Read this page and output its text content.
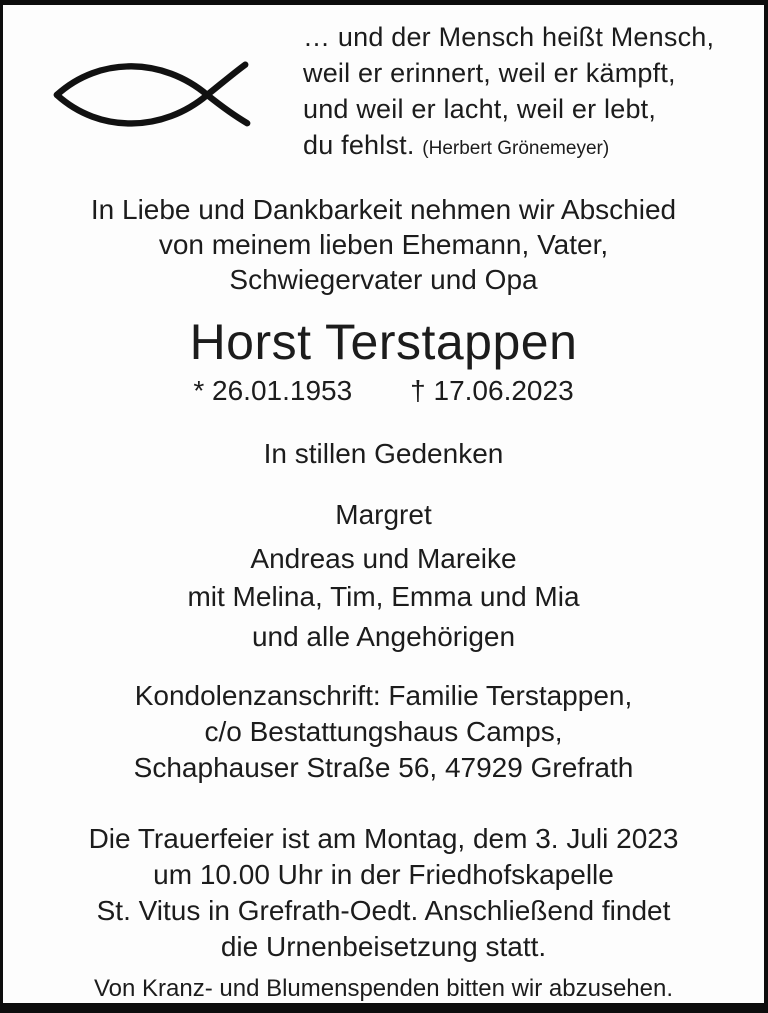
… und der Mensch heißt Mensch,
weil er erinnert, weil er kämpft,
und weil er lacht, weil er lebt,
du fehlst. (Herbert Grönemeyer)
In Liebe und Dankbarkeit nehmen wir Abschied
von meinem lieben Ehemann, Vater,
Schwiegervater und Opa
Horst Terstappen
* 26.01.1953 † 17.06.2023
In stillen Gedenken
Margret
Andreas und Mareike
mit Melina, Tim, Emma und Mia
und alle Angehörigen
Kondolenzanschrift: Familie Terstappen,
c/o Bestattungshaus Camps,
Schaphauser Straße 56, 47929 Grefrath
Die Trauerfeier ist am Montag, dem 3. Juli 2023
um 10.00 Uhr in der Friedhofskapelle
St. Vitus in Grefrath-Oedt. Anschließend findet
die Urnenbeisetzung statt.
Von Kranz- und Blumenspenden bitten wir abzusehen.
